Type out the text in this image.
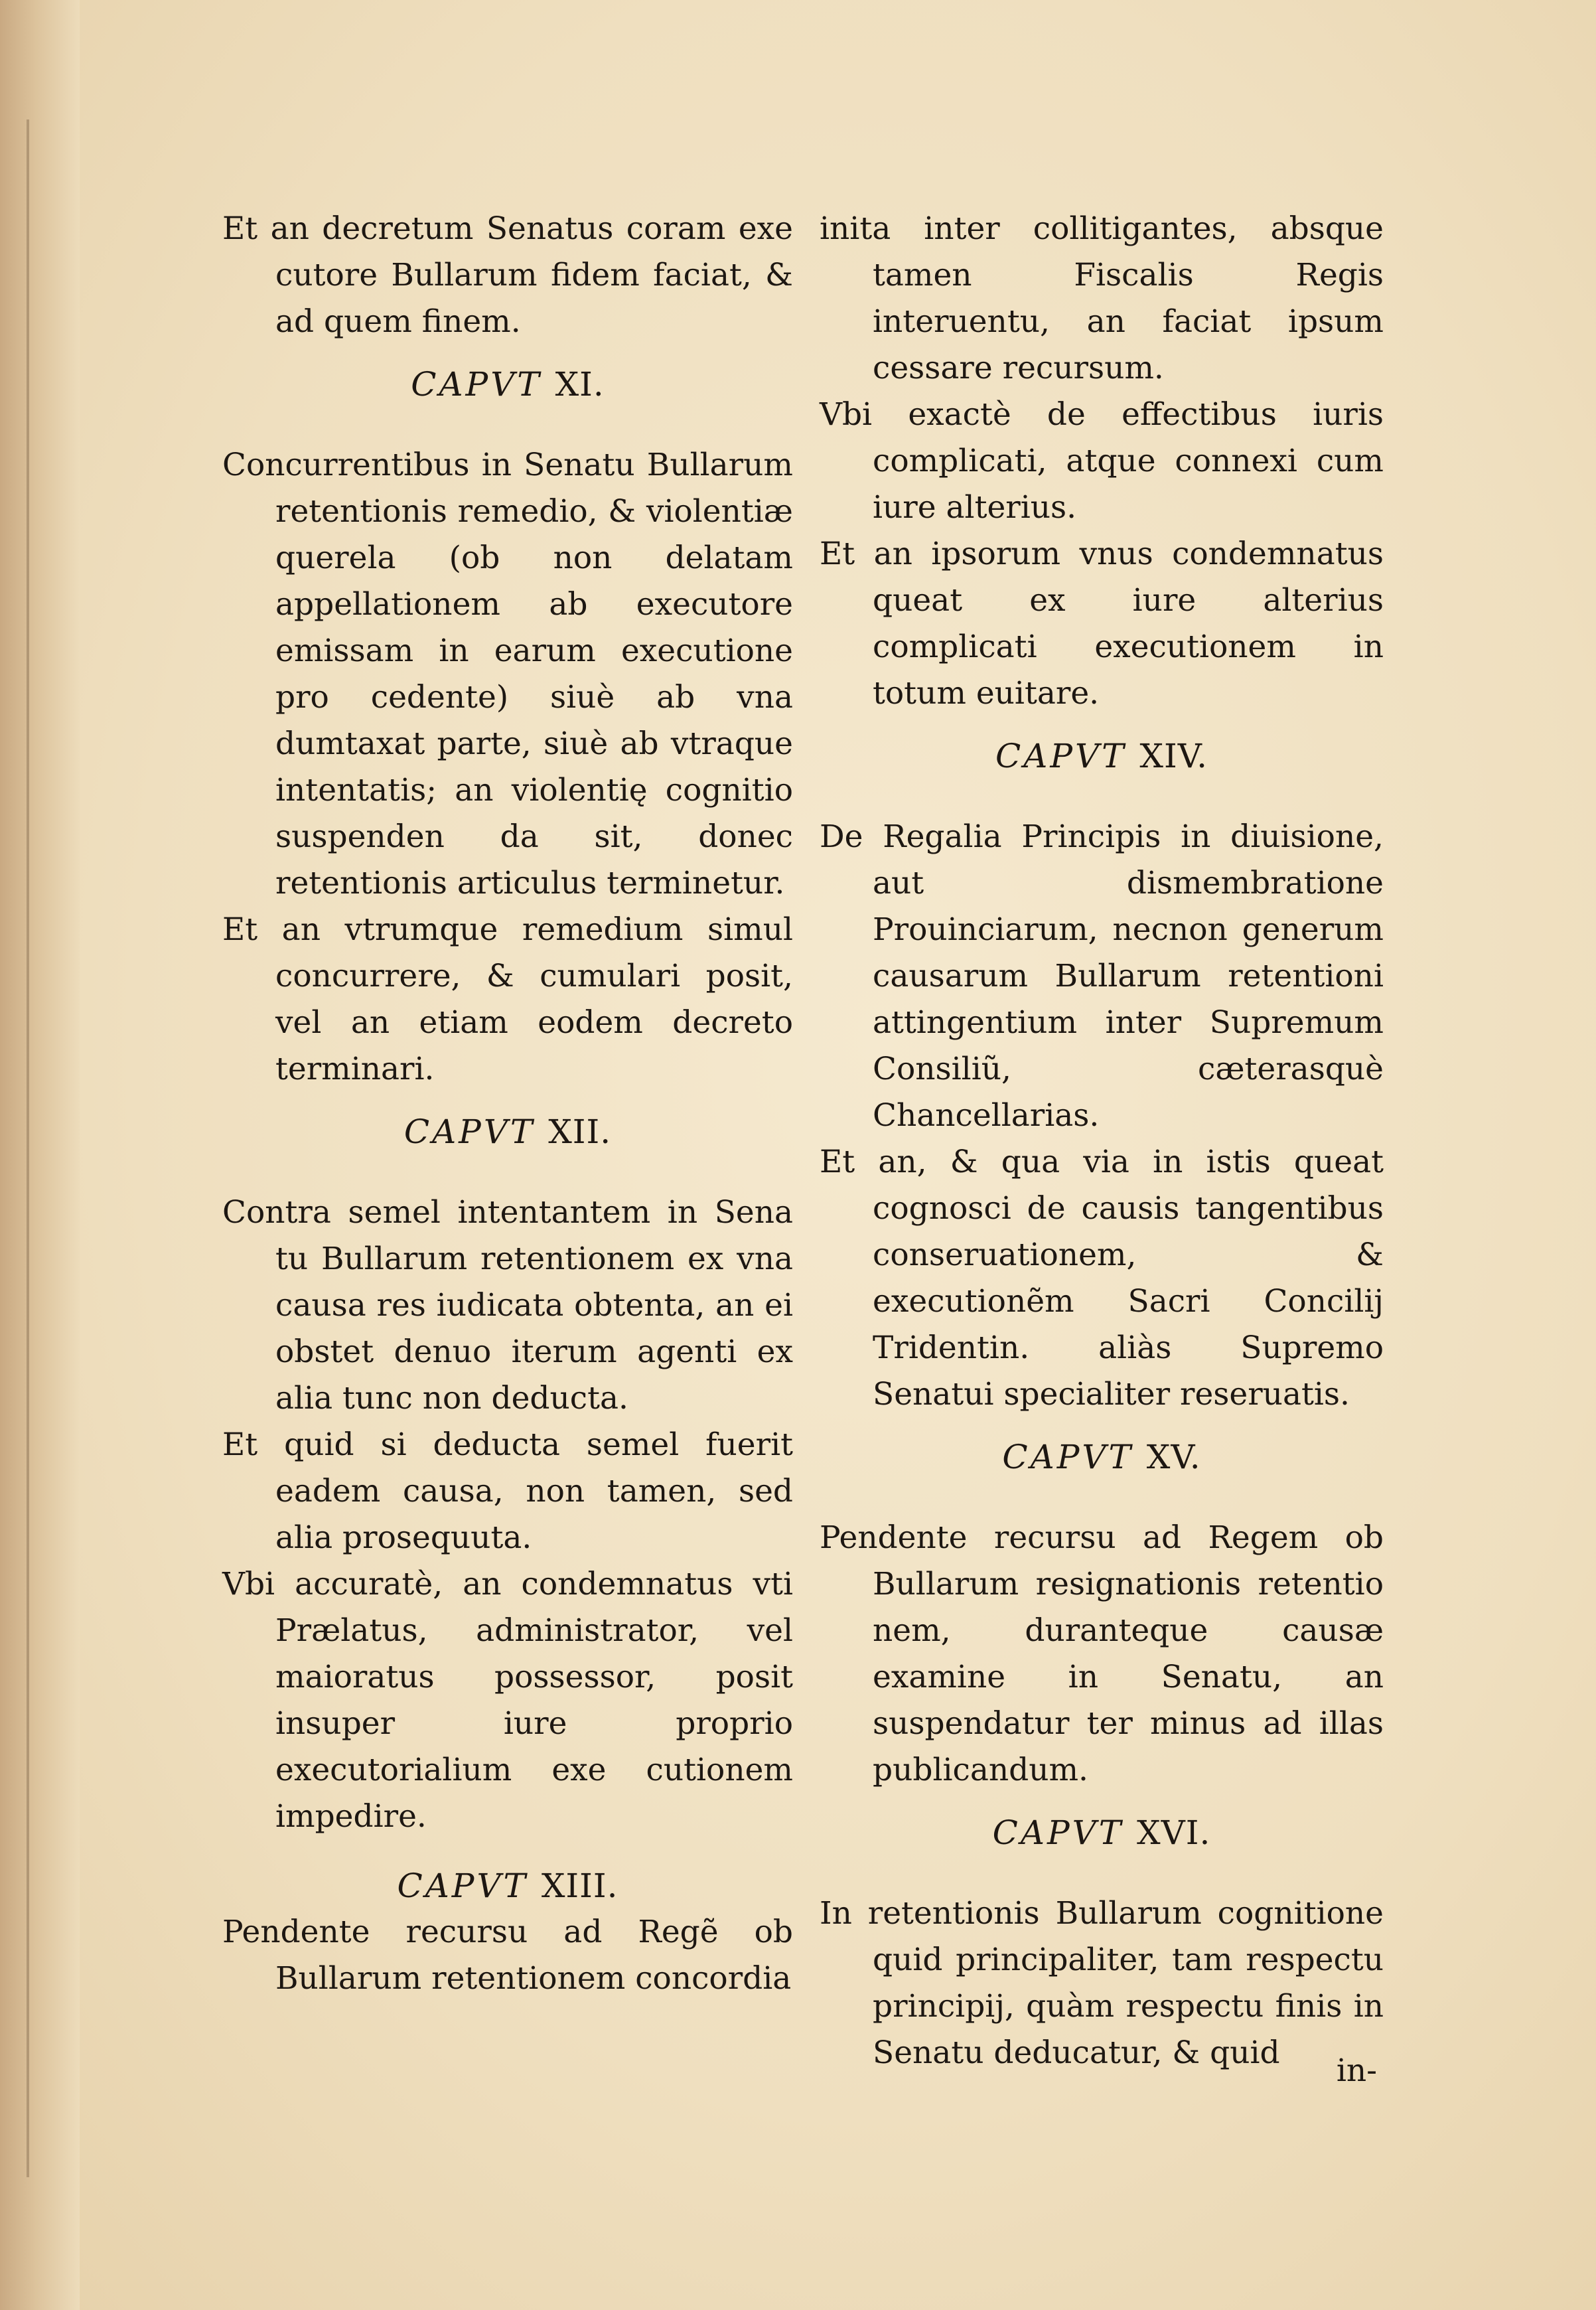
Et an decretum Senatus coram exe cutore Bullarum fidem faciat, & ad quem finem.

CAPVT XI.

Concurrentibus in Senatu Bullarum retentionis remedio, & violentiæ querela (ob non delatam appellationem ab executore emissam in earum executione pro cedente) siuè ab vna dumtaxat parte, siuè ab vtraque intentatis; an violentię cognitio suspenden da sit, donec retentionis articulus terminetur.

Et an vtrumque remedium simul concurrere, & cumulari posit, vel an etiam eodem decreto terminari.

CAPVT XII.

Contra semel intentantem in Sena tu Bullarum retentionem ex vna causa res iudicata obtenta, an ei obstet denuo iterum agenti ex alia tunc non deducta.

Et quid si deducta semel fuerit eadem causa, non tamen, sed alia prosequuta.

Vbi accuratè, an condemnatus vti Prælatus, administrator, vel maioratus possessor, posit insuper iure proprio executorialium exe cutionem impedire.

CAPVT XIII.

Pendente recursu ad Regẽ ob Bullarum retentionem concordia

inita inter collitigantes, absque tamen Fiscalis Regis interuentu, an faciat ipsum cessare recursum.

Vbi exactè de effectibus iuris complicati, atque connexi cum iure alterius.

Et an ipsorum vnus condemnatus queat ex iure alterius complicati executionem in totum euitare.

CAPVT XIV.

De Regalia Principis in diuisione, aut dismembratione Prouinciarum, necnon generum causarum Bullarum retentioni attingentium inter Supremum Consiliũ, cæterasquè Chancellarias.

Et an, & qua via in istis queat cognosci de causis tangentibus conseruationem, & executionẽm Sacri Concilij Tridentin. aliàs Supremo Senatui specialiter reseruatis.

CAPVT XV.

Pendente recursu ad Regem ob Bullarum resignationis retentio nem, duranteque causæ examine in Senatu, an suspendatur ter minus ad illas publicandum.

CAPVT XVI.

In retentionis Bullarum cognitione quid principaliter, tam respectu principij, quàm respectu finis in Senatu deducatur, & quid	in-
